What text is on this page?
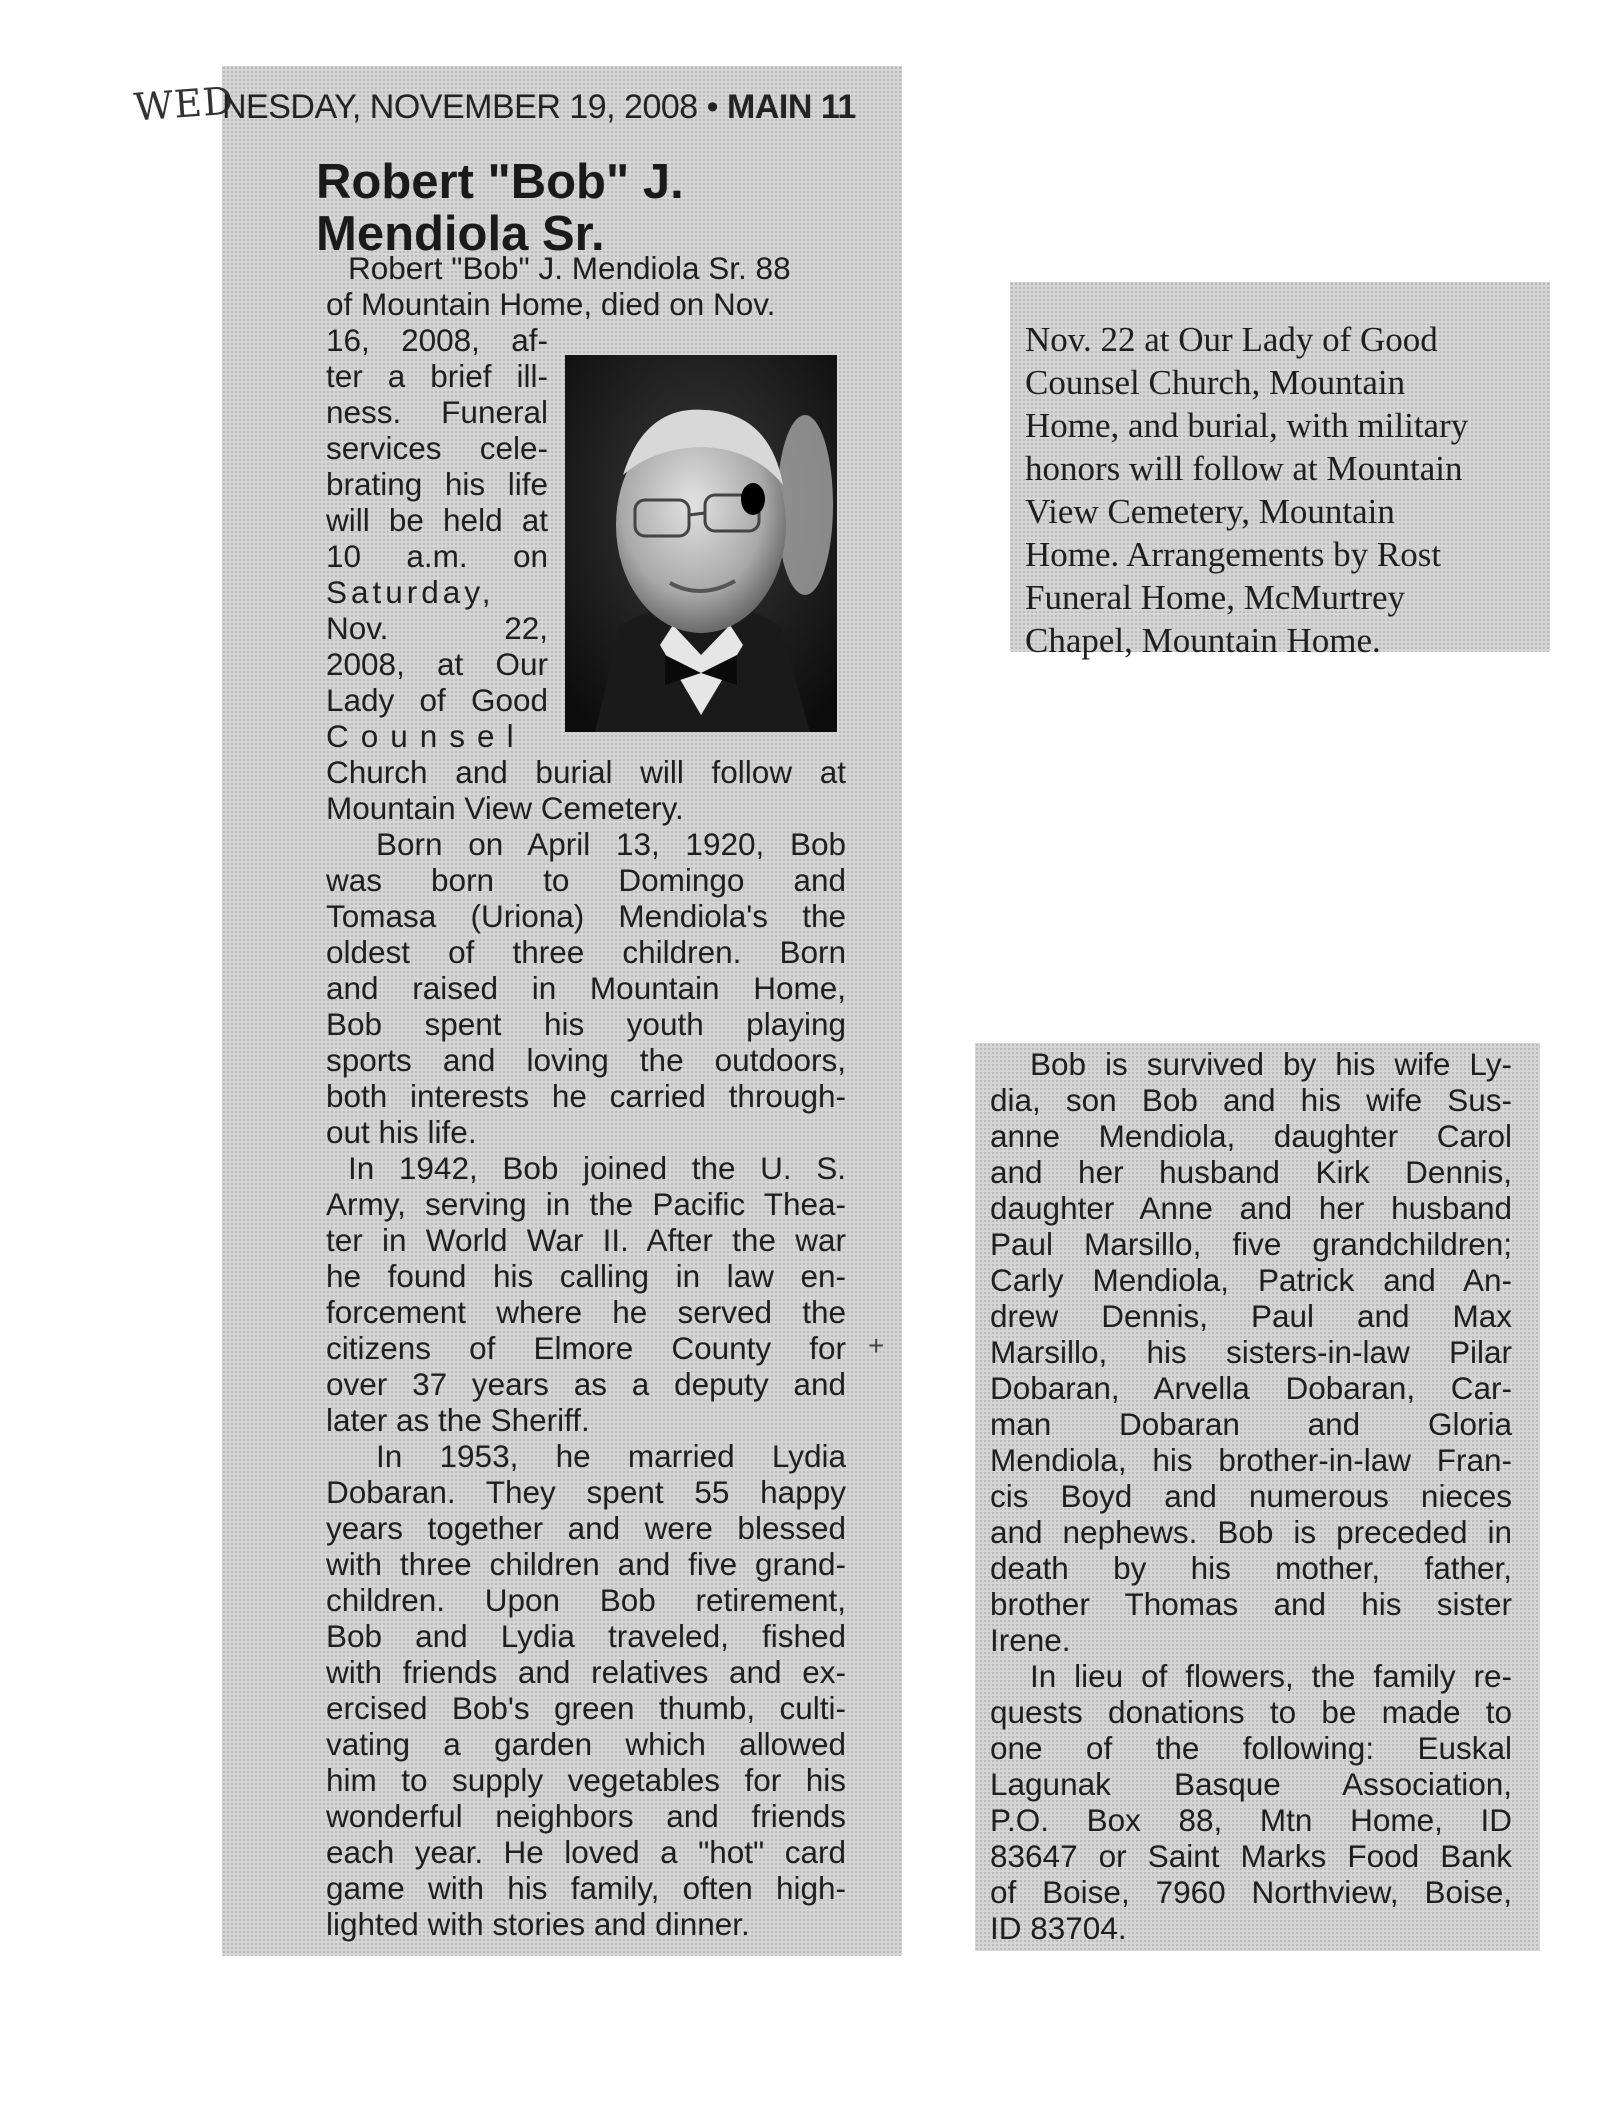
WED
NESDAY, NOVEMBER 19, 2008 • MAIN 11
Robert "Bob" J.
Mendiola Sr.
Robert "Bob" J. Mendiola Sr. 88
of Mountain Home, died on Nov.
16, 2008, af-
ter a brief ill-
ness. Funeral
services cele-
brating his life
will be held at
10 a.m. on
Saturday,
Nov. 22,
2008, at Our
Lady of Good
Counsel
Church and burial will follow at
Mountain View Cemetery.
Born on April 13, 1920, Bob
was born to Domingo and
Tomasa (Uriona) Mendiola's the
oldest of three children. Born
and raised in Mountain Home,
Bob spent his youth playing
sports and loving the outdoors,
both interests he carried through-
out his life.
In 1942, Bob joined the U. S.
Army, serving in the Pacific Thea-
ter in World War II. After the war
he found his calling in law en-
forcement where he served the
citizens of Elmore County for
over 37 years as a deputy and
later as the Sheriff.
In 1953, he married Lydia
Dobaran. They spent 55 happy
years together and were blessed
with three children and five grand-
children. Upon Bob retirement,
Bob and Lydia traveled, fished
with friends and relatives and ex-
ercised Bob's green thumb, culti-
vating a garden which allowed
him to supply vegetables for his
wonderful neighbors and friends
each year. He loved a "hot" card
game with his family, often high-
lighted with stories and dinner.
+
Nov. 22 at Our Lady of Good
Counsel Church, Mountain
Home, and burial, with military
honors will follow at Mountain
View Cemetery, Mountain
Home. Arrangements by Rost
Funeral Home, McMurtrey
Chapel, Mountain Home.
Bob is survived by his wife Ly-
dia, son Bob and his wife Sus-
anne Mendiola, daughter Carol
and her husband Kirk Dennis,
daughter Anne and her husband
Paul Marsillo, five grandchildren;
Carly Mendiola, Patrick and An-
drew Dennis, Paul and Max
Marsillo, his sisters-in-law Pilar
Dobaran, Arvella Dobaran, Car-
man Dobaran and Gloria
Mendiola, his brother-in-law Fran-
cis Boyd and numerous nieces
and nephews. Bob is preceded in
death by his mother, father,
brother Thomas and his sister
Irene.
In lieu of flowers, the family re-
quests donations to be made to
one of the following: Euskal
Lagunak Basque Association,
P.O. Box 88, Mtn Home, ID
83647 or Saint Marks Food Bank
of Boise, 7960 Northview, Boise,
ID 83704.
